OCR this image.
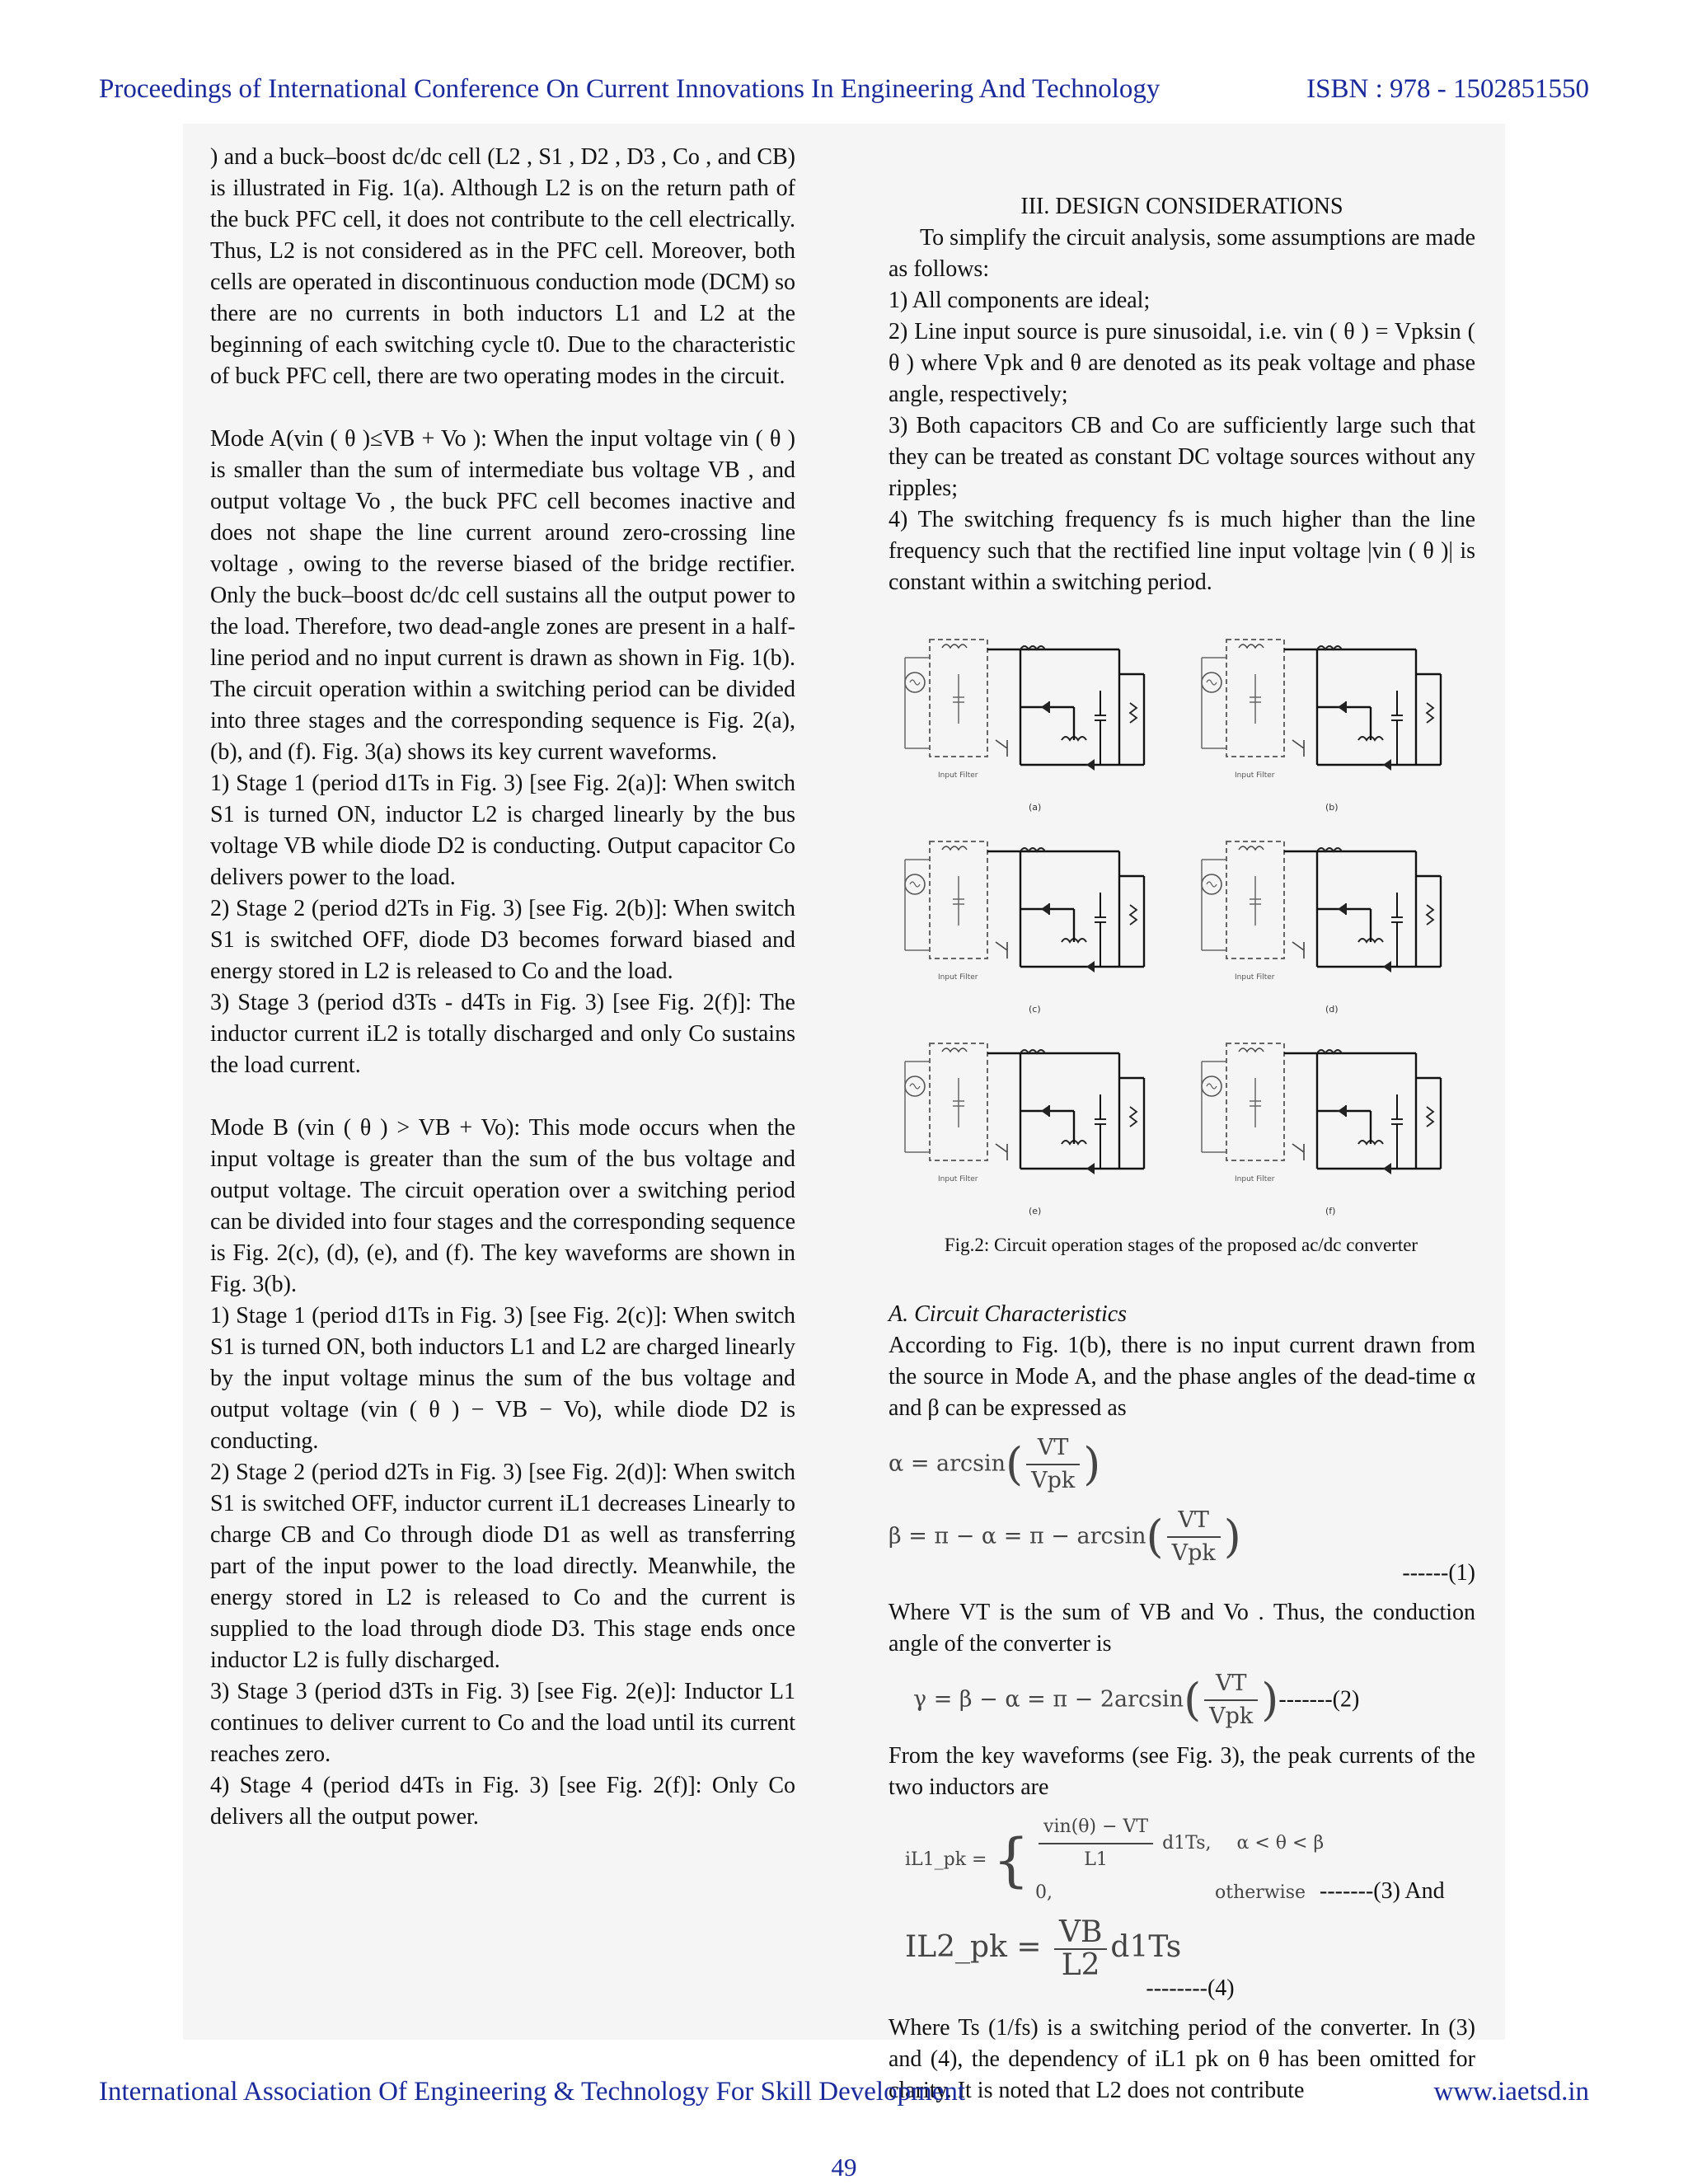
Proceedings of International Conference On Current Innovations In Engineering And Technology	ISBN : 978 - 1502851550

) and a buck–boost dc/dc cell (L2 , S1 , D2 , D3 , Co , and CB) is illustrated in Fig. 1(a). Although L2 is on the return path of the buck PFC cell, it does not contribute to the cell electrically. Thus, L2 is not considered as in the PFC cell. Moreover, both cells are operated in discontinuous conduction mode (DCM) so there are no currents in both inductors L1 and L2 at the beginning of each switching cycle t0. Due to the characteristic of buck PFC cell, there are two operating modes in the circuit.

Mode A(vin ( θ )≤VB + Vo ): When the input voltage vin ( θ ) is smaller than the sum of intermediate bus voltage VB , and output voltage Vo , the buck PFC cell becomes inactive and does not shape the line current around zero-crossing line voltage , owing to the reverse biased of the bridge rectifier. Only the buck–boost dc/dc cell sustains all the output power to the load. Therefore, two dead-angle zones are present in a half-line period and no input current is drawn as shown in Fig. 1(b). The circuit operation within a switching period can be divided into three stages and the corresponding sequence is Fig. 2(a),(b), and (f). Fig. 3(a) shows its key current waveforms.

1) Stage 1 (period d1Ts in Fig. 3) [see Fig. 2(a)]: When switch S1 is turned ON, inductor L2 is charged linearly by the bus voltage VB while diode D2 is conducting. Output capacitor Co delivers power to the load.

2) Stage 2 (period d2Ts in Fig. 3) [see Fig. 2(b)]: When switch S1 is switched OFF, diode D3 becomes forward biased and energy stored in L2 is released to Co and the load.

3) Stage 3 (period d3Ts - d4Ts in Fig. 3) [see Fig. 2(f)]: The inductor current iL2 is totally discharged and only Co sustains the load current.

Mode B (vin ( θ ) > VB + Vo): This mode occurs when the input voltage is greater than the sum of the bus voltage and output voltage. The circuit operation over a switching period can be divided into four stages and the corresponding sequence is Fig. 2(c), (d), (e), and (f). The key waveforms are shown in Fig. 3(b).

1) Stage 1 (period d1Ts in Fig. 3) [see Fig. 2(c)]: When switch S1 is turned ON, both inductors L1 and L2 are charged linearly by the input voltage minus the sum of the bus voltage and output voltage (vin ( θ ) − VB − Vo), while diode D2 is conducting.

2) Stage 2 (period d2Ts in Fig. 3) [see Fig. 2(d)]: When switch S1 is switched OFF, inductor current iL1 decreases Linearly to charge CB and Co through diode D1 as well as transferring part of the input power to the load directly. Meanwhile, the energy stored in L2 is released to Co and the current is supplied to the load through diode D3. This stage ends once inductor L2 is fully discharged.

3) Stage 3 (period d3Ts in Fig. 3) [see Fig. 2(e)]: Inductor L1 continues to deliver current to Co and the load until its current reaches zero.

4) Stage 4 (period d4Ts in Fig. 3) [see Fig. 2(f)]: Only Co delivers all the output power.

III. DESIGN CONSIDERATIONS

To simplify the circuit analysis, some assumptions are made as follows:

1) All components are ideal;

2) Line input source is pure sinusoidal, i.e. vin ( θ ) = Vpksin ( θ ) where Vpk and θ are denoted as its peak voltage and phase angle, respectively;

3) Both capacitors CB and Co are sufficiently large such that they can be treated as constant DC voltage sources without any ripples;

4) The switching frequency fs is much higher than the line frequency such that the rectified line input voltage |vin ( θ )| is constant within a switching period.

(a)
Input Filter
(b)
Input Filter
(c)
Input Filter
(d)
Input Filter
(e)
Input Filter
(f)
Input Filter
Fig.2: Circuit operation stages of the proposed ac/dc converter

A. Circuit Characteristics

According to Fig. 1(b), there is no input current drawn from the source in Mode A, and the phase angles of the dead-time α and β can be expressed as

$\alpha = \arcsin( \frac{VT}{\text{Vpk}}$ )
$\beta = \pi - \alpha = \pi - \arcsin( \frac{VT}{\text{Vpk}}$ )
------(1)

Where VT is the sum of VB and Vo . Thus, the conduction angle of the converter is

$\gamma = \beta - \alpha = \pi - 2\arcsin( \frac{VT}{\text{Vpk}} )-------(2)$

From the key waveforms (see Fig. 3), the peak currents of the two inductors are

iL1_pk = { $\frac{\text{vin(θ) − VT}}{L1} d1Ts$, α < θ < β
0,	otherwise -------(3) And
IL2_pk = $\frac{VB}{L2} d1Ts$
--------(4)

Where Ts (1/fs) is a switching period of the converter. In (3) and (4), the dependency of iL1 pk on θ has been omitted for clarity. It is noted that L2 does not contribute

International Association Of Engineering & Technology For Skill Development	www.iaetsd.in
49
